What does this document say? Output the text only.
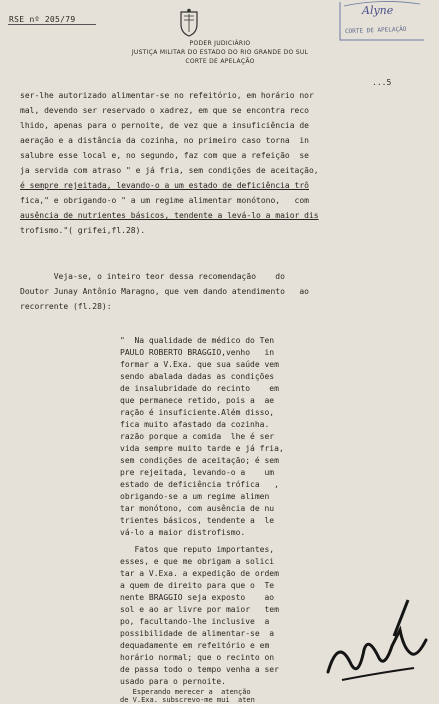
RSE nº 205/79
PODER JUDICIÁRIO
JUSTIÇA MILITAR DO ESTADO DO RIO GRANDE DO SUL
CORTE DE APELAÇÃO
Alyne
CORTE DE APELAÇÃO
...5
ser-lhe autorizado alimentar-se no refeitório, em horário nor
mal, devendo ser reservado o xadrez, em que se encontra reco
lhido, apenas para o pernoite, de vez que a insuficiência de
aeração e a distância da cozinha, no primeiro caso torna  in
salubre esse local e, no segundo, faz com que a refeição  se
ja servida com atraso " e já fria, sem condições de aceitação,
é sempre rejeitada, levando-o a um estado de deficiência trô
fica," e obrigando-o " a um regime alimentar monótono,   com
ausência de nutrientes básicos, tendente a levá-lo a maior dis
trofismo."( grifei,fl.28).
Veja-se, o inteiro teor dessa recomendação    do
Doutor Junay Antônio Maragno, que vem dando atendimento   ao
recorrente (fl.28):
"  Na qualidade de médico do Ten
PAULO ROBERTO BRAGGIO,venho   in
formar a V.Exa. que sua saúde vem
sendo abalada dadas as condições
de insalubridade do recinto    em
que permanece retido, pois a  ae
ração é insuficiente.Além disso,
fica muito afastado da cozinha.
razão porque a comida  lhe é ser
vida sempre muito tarde e já fria,
sem condições de aceitação; é sem
pre rejeitada, levando-o a    um
estado de deficiência trófica   ,
obrigando-se a um regime alimen
tar monótono, com ausência de nu
trientes básicos, tendente a  le
vá-lo a maior distrofismo.
Fatos que reputo importantes,
esses, e que me obrigam a solici
tar a V.Exa. a expedição de ordem
a quem de direito para que o  Te
nente BRAGGIO seja exposto    ao
sol e ao ar livre por maior   tem
po, facultando-lhe inclusive  a
possibilidade de alimentar-se  a
dequadamente em refeitório e em
horário normal; que o recinto on
de passa todo o tempo venha a ser
usado para o pernoite.
Esperando merecer a  atenção
de V.Exa. subscrevo-me mui  aten
